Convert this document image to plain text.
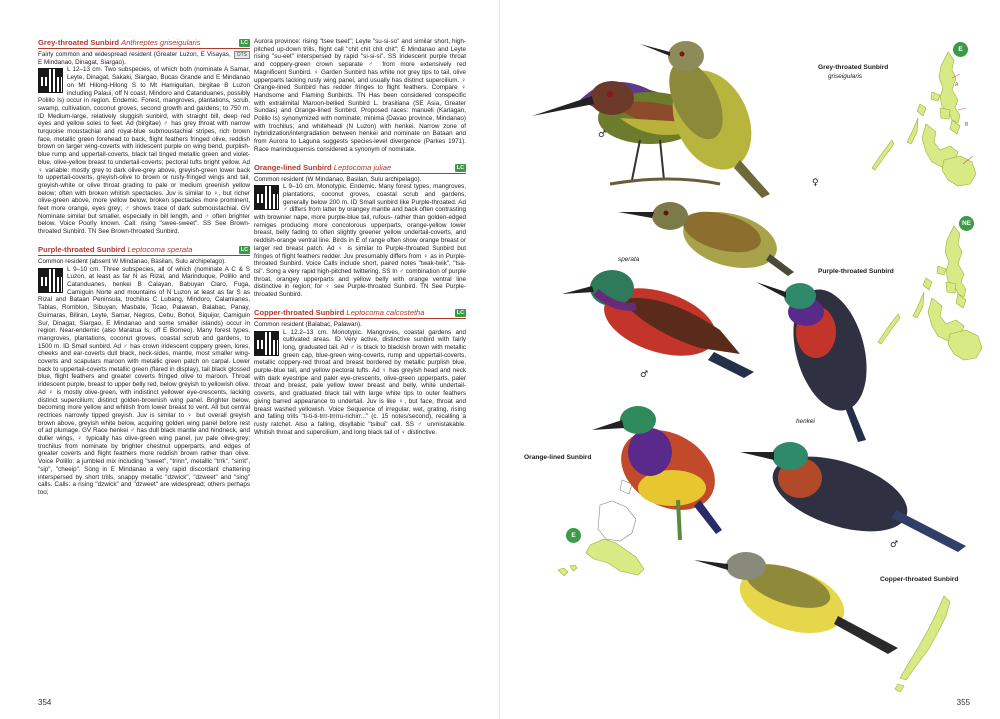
Grey-throated Sunbird Anthreptes griseigularis	LC
Fairly common and widespread resident (Greater Luzon, E Visayas, E Mindanao, Dinagat, Siargao).
OTS
L 12–13 cm. Two subspecies, of which both (nominate A Samar, Leyte, Dinagat, Sakaki, Siargao, Bucas Grande and E Mindanao on Mt Hilong-Hilong S to Mt Hamiguitan, birgitae B Luzon including Palaui, off N coast, Mindoro and Catanduanes, possibly Polillo Is) occur in region. Endemic. Forest, mangroves, plantations, scrub, swamp, cultivation, coconut groves, second growth and gardens; to 750 m. ID Medium-large, relatively sluggish sunbird, with straight bill, deep red eyes and yellow soles to feet. Ad (birgitae) ♂ has grey throat with narrow turquoise moustachial and royal-blue submoustachial stripes, rich brown face, metallic green forehead to back, flight feathers fringed olive, reddish brown on larger wing-coverts with iridescent purple on wing bend, purplish-blue rump and uppertail-coverts, black tail tinged metallic green and violet-blue, olive-yellow breast to undertail-coverts; pectoral tufts bright yellow. Ad ♀ variable: mostly grey to dark olive-grey above, greyish-green lower back to uppertail-coverts, greyish-olive to brown or rusty-fringed wings and tail, greyish-white or olive throat grading to pale or medium greenish yellow below; often with broken whitish spectacles. Juv is similar to ♀, but richer olive-green above, more yellow below, broken spectacles more prominent, feet more orange, eyes grey; ♂ shows trace of dark submoustachial. GV Nominate similar but smaller, especially in bill length, and ♂ often brighter below. Voice Poorly known. Call: rising "swee-sweet". SS See Brown-throated Sunbird. TN See Brown-throated Sunbird.
Purple-throated Sunbird Leptocoma sperata	LC
Common resident (absent W Mindanao, Basilan, Sulu archipelago).
L 9–10 cm. Three subspecies, all of which (nominate A C & S Luzon, at least as far N as Rizal, and Marinduque, Polillo and Catanduanes, henkei B Calayan, Babuyan Claro, Fuga, Camiguin Norte and mountains of N Luzon at least as far S as Rizal and Bataan Peninsula, trochilus C Lubang, Mindoro, Calamianes, Tablas, Romblon, Sibuyan, Masbate, Ticao, Palawan, Balabac, Panay, Guimaras, Biliran, Leyte, Samar, Negros, Cebu, Bohol, Siquijor, Camiguin Sur, Dinagat, Siargao, E Mindanao and some smaller islands) occur in region. Near-endemic (also Maratua Is, off E Borneo). Many forest types, mangroves, plantations, coconut groves, coastal scrub and gardens, to 1500 m. ID Small sunbird. Ad ♂ has crown iridescent coppery green, lores, cheeks and ear-coverts dull black, neck-sides, mantle, most smaller wing-coverts and scapulars maroon with metallic green patch on carpal. Lower back to uppertail-coverts metallic green (flared in display), tail black glossed blue, flight feathers and greater coverts fringed olive to maroon. Throat iridescent purple, breast to upper belly red, below greyish to yellowish olive. Ad ♀ is mostly olive-green, with indistinct yellower eye-crescents, lacking distinct supercilium; distinct golden-brownish wing panel. Brighter below, becoming more yellow and whitish from lower breast to vent. All but central rectrices narrowly tipped greyish. Juv is similar to ♀ but overall greyish brown above, greyish white below, acquiring golden wing panel before rest of ad plumage. GV Race henkei ♂ has dull black mantle and hindneck, and duller wings, ♀ typically has olive-green wing panel, juv pale olive-grey; trochilus from nominate by brighter chestnut upperparts, and edges of greater coverts and flight feathers more reddish brown rather than olive. Voice Polillo: a jumbled mix including "sweet", "trinn", metallic "trrk", "sirrit", "sip", "cheeip". Song in E Mindanao a very rapid discordant chattering interspersed by short trills, snappy metallic "dzwick", "dzweet" and "sing" calls. Calls: a rising "dzwick" and "dzweet" are widespread; others perhaps too;
Aurora province: rising "tsee tseet"; Leyte "su-si-so" and similar short, high-pitched up-down trills, flight call "chit chit chit chit"; E Mindanao and Leyte rising "su-eet" interspersed by rapid "si-si-si". SS Iridescent purple throat and coppery-green crown separate ♂ from more extensively red Magnificent Sunbird. ♀ Garden Sunbird has white not grey tips to tail, olive upperparts lacking rusty wing panel, and usually has distinct supercilium. ♀ Orange-lined Sunbird has redder fringes to flight feathers. Compare ♀ Handsome and Flaming Sunbirds. TN Has been considered conspecific with extralimital Maroon-bellied Sunbird L. brasiliana (SE Asia, Greater Sundas) and Orange-lined Sunbird. Proposed races: manueli (Karlagan, Polillo Is) synonymized with nominate; minima (Davao province, Mindanao) with trochilus; and whiteheadi (N Luzon) with henkei. Narrow zone of hybridization/intergradation between henkei and nominate on Bataan and from Aurora to Laguna suggests species-level divergence (Parkes 1971). Race marinduquensis considered a synonym of nominate.
Orange-lined Sunbird Leptocoma juliae	LC
Common resident (W Mindanao, Basilan, Sulu archipelago).
L 9–10 cm. Monotypic. Endemic. Many forest types, mangroves, plantations, coconut groves, coastal scrub and gardens, generally below 200 m. ID Small sunbird like Purple-throated. Ad ♂ differs from latter by orangey mantle and back often contrasting with brownier nape, more purple-blue tail, rufous- rather than golden-edged remiges producing more concolorous upperparts, orange-yellow lower breast, belly fading to often slightly greener yellow undertail-coverts, and reddish-orange ventral line. Birds in E of range often show orange breast or larger red breast patch. Ad ♀ is similar to Purple-throated Sunbird but fringes of flight feathers redder. Juv presumably differs from ♀ as in Purple-throated Sunbird. Voice Calls include short, paired notes "twak-twik", "tsa-tsi". Song a very rapid high-pitched twittering. SS In ♂ combination of purple throat, orangey upperparts and yellow belly with orange ventral line distinctive in region; for ♀ see Purple-throated Sunbird. TN See Purple-throated Sunbird.
Copper-throated Sunbird Leptocoma calcostetha	LC
Common resident (Balabac, Palawan).
L 12.2–13 cm. Monotypic. Mangroves, coastal gardens and cultivated areas. ID Very active, distinctive sunbird with fairly long, graduated tail. Ad ♂ is black to blackish brown with metallic green cap, blue-green wing-coverts, rump and uppertail-coverts, metallic coppery-red throat and breast bordered by metallic purplish blue, purple-blue tail, and yellow pectoral tufts. Ad ♀ has greyish head and neck with dark eyestripe and paler eye-crescents, olive-green upperparts, paler throat and breast, pale yellow lower breast and belly, white undertail-coverts, and graduated black tail with large white tips to outer feathers giving barred appearance to undertail. Juv is like ♀, but face, throat and breast washed yellowish. Voice Sequence of irregular, wet, grating, rising and falling trills "ti-ti-ti-trrr-trrrru-richirr..." (c. 15 notes/second), recalling a rusty ratchet. Also a falling, disyllabic "tsibui" call. SS ♂ unmistakable. Whitish throat and supercilium, and long black tail of ♀ distinctive.
354
A
B
Grey-throated Sunbird
griseigularis
sperata
Purple-throated Sunbird
henkei
Orange-lined Sunbird
Copper-throated Sunbird
♂
♀
♂
♂
E
NE
E
355
